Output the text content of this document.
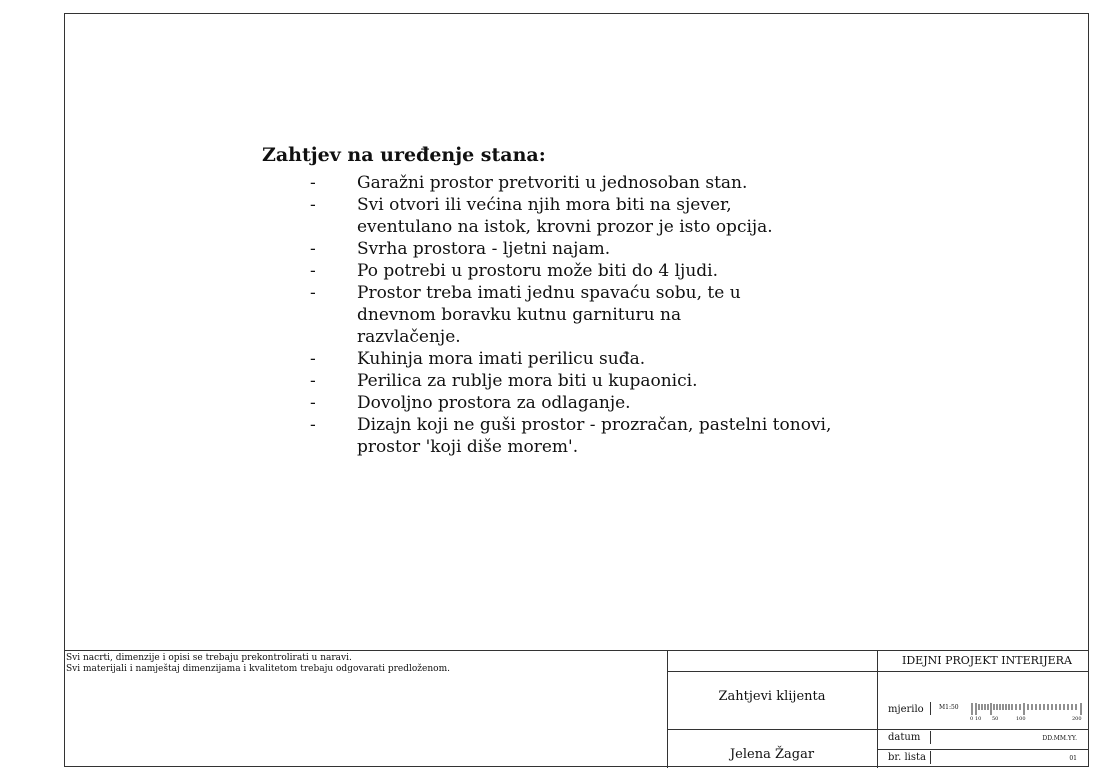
Zahtjev na uređenje stana:
- Garažni prostor pretvoriti u jednosoban stan.
- Svi otvori ili većina njih mora biti na sjever, eventulano na istok, krovni prozor je isto opcija.
- Svrha prostora - ljetni najam.
- Po potrebi u prostoru može biti do 4 ljudi.
- Prostor treba imati jednu spavaću sobu, te u dnevnom boravku kutnu garnituru na razvlačenje.
- Kuhinja mora imati perilicu suđa.
- Perilica za rublje mora biti u kupaonici.
- Dovoljno prostora za odlaganje.
- Dizajn koji ne guši prostor - prozračan, pastelni tonovi, prostor 'koji diše morem'.
Svi nacrti, dimenzije i opisi se trebaju prekontrolirati u naravi.
Svi materijali i namještaj dimenzijama i kvalitetom trebaju odgovarati predloženom.
IDEJNI PROJEKT INTERIJERA
Zahtjevi klijenta
Jelena Žagar
mjerilo	M1:50
0 10 50	100	200
datum	DD.MM.YY.
br. lista	01
